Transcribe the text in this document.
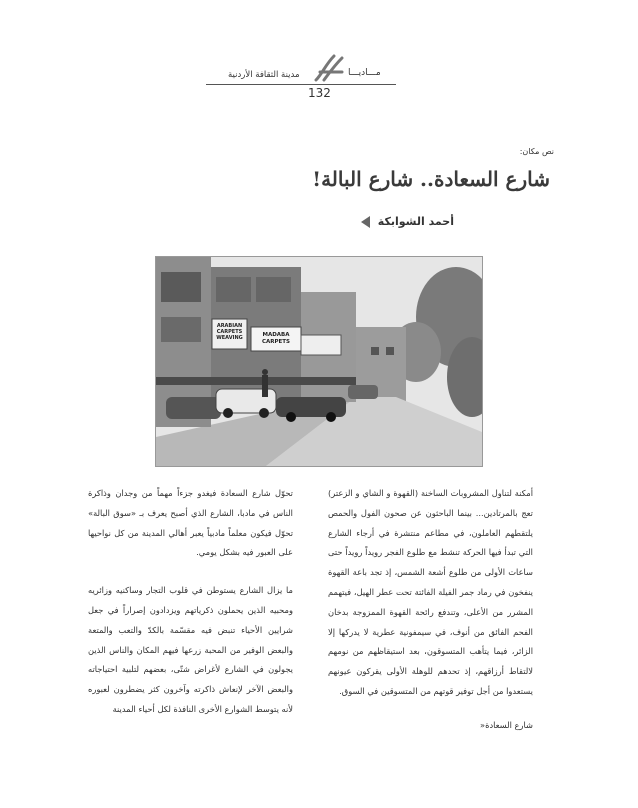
مـــاديـــا
مدينة الثقافة الأردنية
132
نص مكان:
شارع السعادة.. شارع البالة!
أحمد الشوابكة
ARABIAN CARPETS WEAVING	MADABA CARPETS

أمكنة لتناول المشروبات الساخنة (القهوة و الشاي و الزعتر) تعج بالمرتادين... بينما الباحثون عن صحون الفول والحمص يلتقطهم العاملون، في مطاعم منتشرة في أرجاء الشارع التي تبدأ فيها الحركة تنشط مع طلوع الفجر رويداً رويداً حتى ساعات الأولى من طلوع أشعة الشمس، إذ تجد باعة القهوة ينفخون في رماد جمر الفيلة الفائتة تحت عطر الهيل، فيتهمم المشرر من الأعلى، وتندفع رائحة القهوة الممزوجة بدخان الفحم الفائق من أنوف، في سيمفونية عطرية لا يدركها إلا الزائر، فيما يتأهب المتسوقون، بعد استيقاظهم من نومهم لالتقاط أرزاقهم، إذ تحدهم للوهلة الأولى يقركون عيونهم يستعدوا من أجل توفير قوتهم من المتسوقين في السوق.

شارع السعادة«

تحوّل شارع السعادة فيغدو جزءاً مهماً من وجدان وذاكرة الناس في مادبا، الشارع الذي أصبح يعرف بـ «سوق البالة» تحوّل فيكون معلماً مادبياً يعبر أهالي المدينة من كل نواحيها على العبور فيه بشكل يومي.

ما يزال الشارع يستوطن في قلوب التجار وساكنيه وزائريه ومحبيه الذين يحملون ذكرياتهم ويزدادون إصراراً في جعل شرايين الأحياء تنبض فيه مقسّمة بالكدّ والتعب والمتعة والبعض الوفير من المحبة زرعها فيهم المكان والناس الذين يجولون في الشارع لأغراض شتّى، بعضهم لتلبية احتياجاته والبعض الآخر لإنعاش ذاكرته وآخرون كثر يضطرون لعبوره لأنه يتوسط الشوارع الأخرى النافذة لكل أحياء المدينة
